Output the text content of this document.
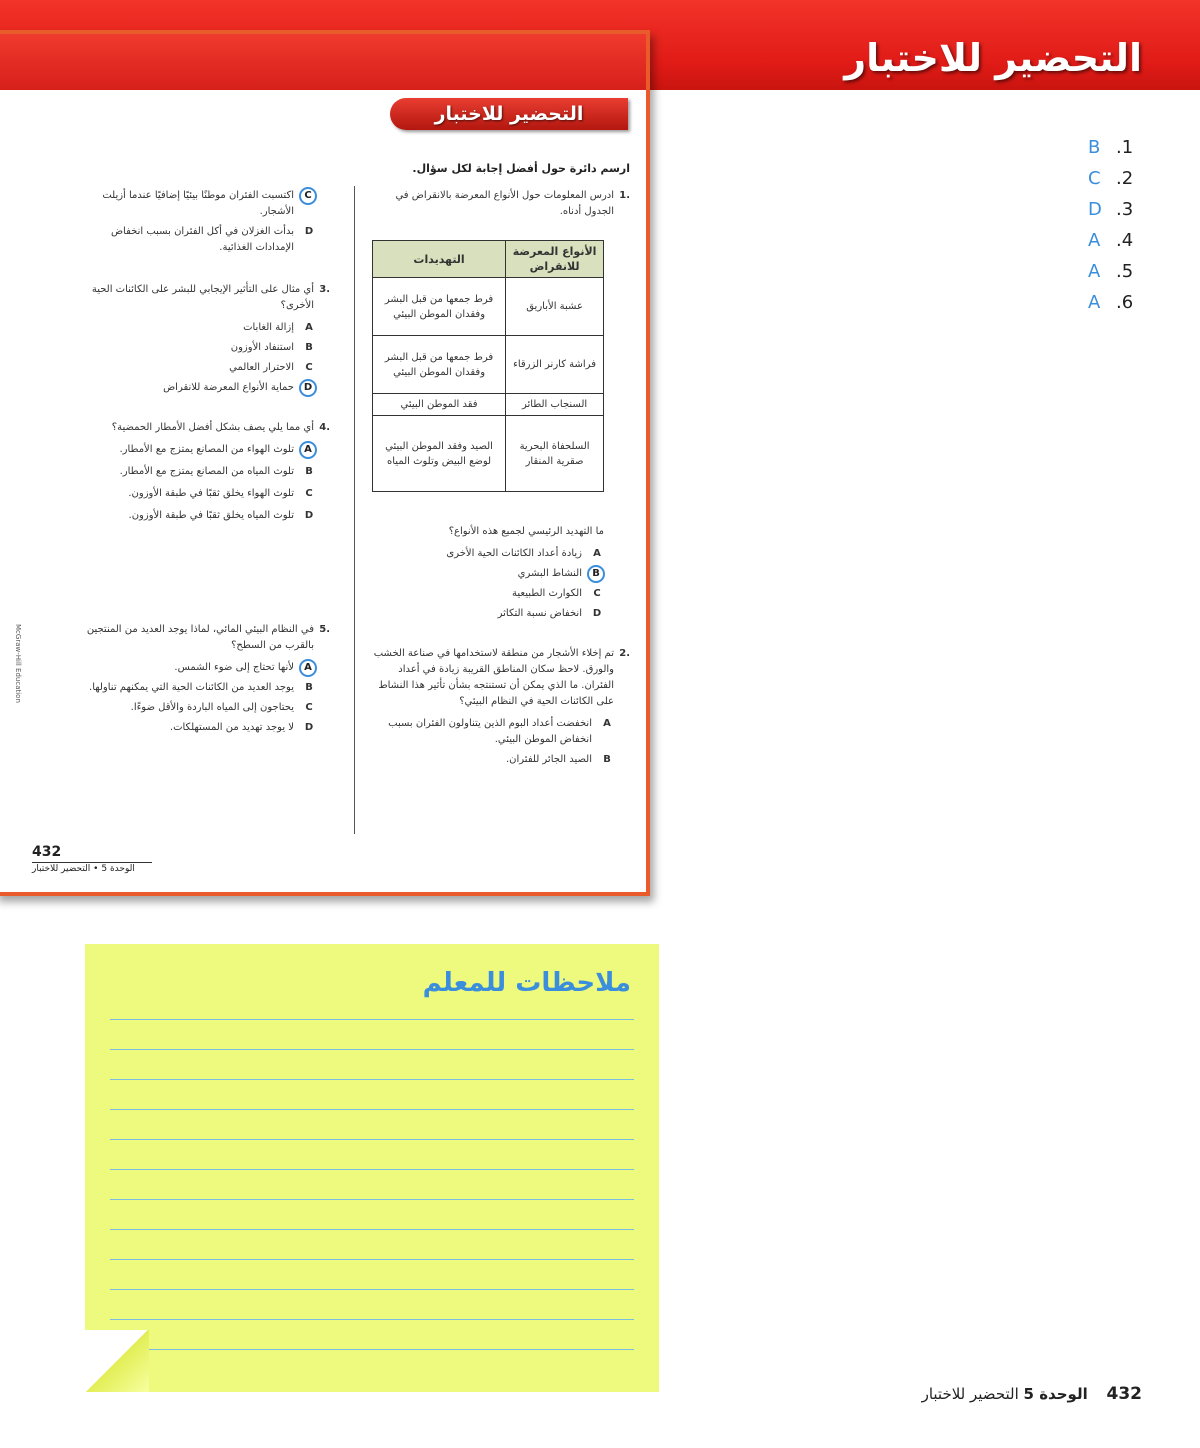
التحضير للاختبار
التحضير للاختبار
ارسم دائرة حول أفضل إجابة لكل سؤال.
McGraw-Hill Education
1.
ادرس المعلومات حول الأنواع المعرضة بالانقراض في الجدول أدناه.
الأنواع المعرضة للانقراض	التهديدات
عشبة الأباريق	فرط جمعها من قبل البشر وفقدان الموطن البيئي
فراشة كارنر الزرقاء	فرط جمعها من قبل البشر وفقدان الموطن البيئي
السنجاب الطائر	فقد الموطن البيئي
السلحفاة البحرية صقرية المنقار	الصيد وفقد الموطن البيئي لوضع البيض وتلوث المياه
ما التهديد الرئيسي لجميع هذه الأنواع؟
A
زيادة أعداد الكائنات الحية الأخرى
B
النشاط البشري
C
الكوارث الطبيعية
D
انخفاض نسبة التكاثر
2.
تم إخلاء الأشجار من منطقة لاستخدامها في صناعة الخشب والورق. لاحظ سكان المناطق القريبة زيادة في أعداد الفئران. ما الذي يمكن أن تستنتجه بشأن تأثير هذا النشاط على الكائنات الحية في النظام البيئي؟
A
انخفضت أعداد البوم الذين يتناولون الفئران بسبب انخفاض الموطن البيئي.
B
الصيد الجائر للفئران.
C
اكتسبت الفئران موطنًا بيئيًا إضافيًا عندما أزيلت الأشجار.
D
بدأت الغزلان في أكل الفئران بسبب انخفاض الإمدادات الغذائية.
3.
أي مثال على التأثير الإيجابي للبشر على الكائنات الحية الأخرى؟
A
إزالة الغابات
B
استنفاد الأوزون
C
الاحترار العالمي
D
حماية الأنواع المعرضة للانقراض
4.
أي مما يلي يصف بشكل أفضل الأمطار الحمضية؟
A
تلوث الهواء من المصانع يمتزج مع الأمطار.
B
تلوث المياه من المصانع يمتزج مع الأمطار.
C
تلوث الهواء يخلق ثقبًا في طبقة الأوزون.
D
تلوث المياه يخلق ثقبًا في طبقة الأوزون.
5.
في النظام البيئي المائي، لماذا يوجد العديد من المنتجين بالقرب من السطح؟
A
لأنها تحتاج إلى ضوء الشمس.
B
يوجد العديد من الكائنات الحية التي يمكنهم تناولها.
C
يحتاجون إلى المياه الباردة والأقل ضوءًا.
D
لا يوجد تهديد من المستهلكات.
432
الوحدة 5 • التحضير للاختبار
B .1
C .2
D .3
A .4
A .5
A .6
ملاحظات للمعلم
432 الوحدة 5 التحضير للاختبار
